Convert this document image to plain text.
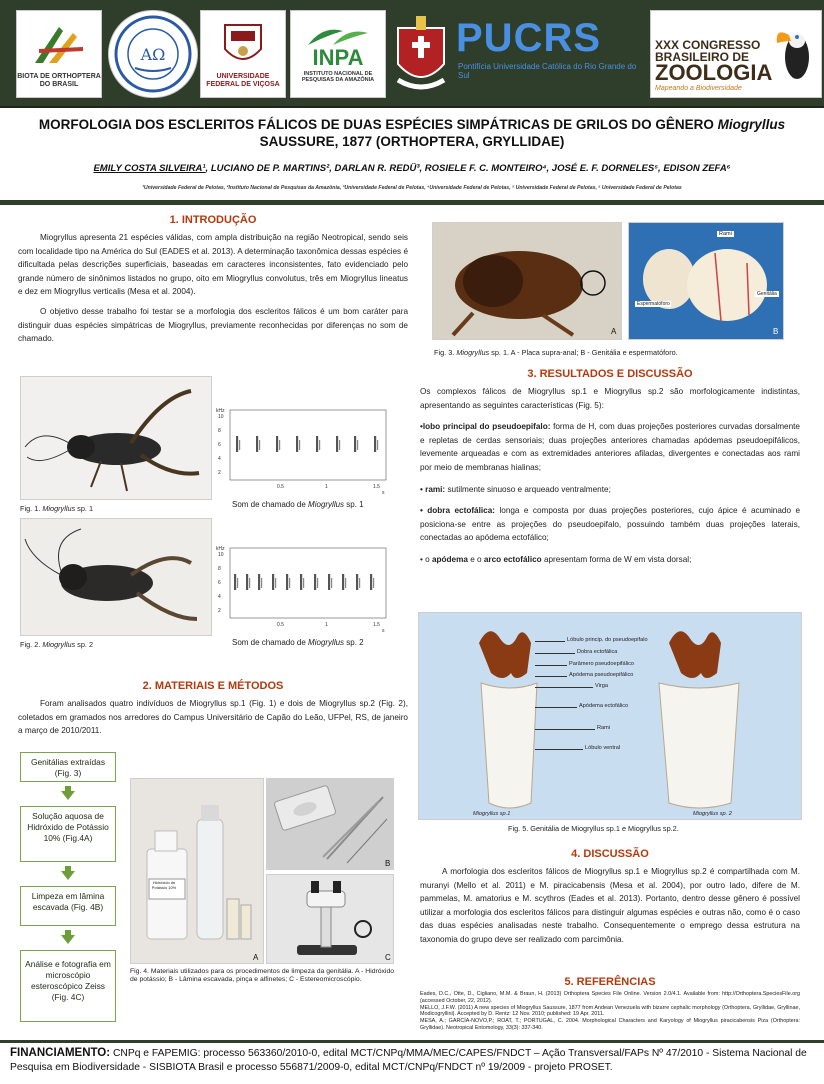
BIOTA DE ORTHOPTERA DO BRASIL
AΩ
UNIVERSIDADE FEDERAL DE VIÇOSA
INPA
INSTITUTO NACIONAL DE PESQUISAS DA AMAZÔNIA
PUCRS
Pontifícia Universidade Católica do Rio Grande do Sul
XXX CONGRESSO
BRASILEIRO DE
ZOOLOGIA
Mapeando a Biodiversidade
MORFOLOGIA DOS ESCLERITOS FÁLICOS DE DUAS ESPÉCIES SIMPÁTRICAS DE GRILOS DO GÊNERO Miogryllus
SAUSSURE, 1877 (ORTHOPTERA, GRYLLIDAE)
EMILY COSTA SILVEIRA¹, LUCIANO DE P. MARTINS², DARLAN R. REDÜ³, ROSIELE F. C. MONTEIRO⁴, JOSÉ E. F. DORNELES⁵, EDISON ZEFA⁶
¹Universidade Federal de Pelotas, ²Instituto Nacional de Pesquisas da Amazônia, ³Universidade Federal de Pelotas, ⁴Universidade Federal de Pelotas, ⁵ Universidade Federal de Pelotas, ⁶ Universidade Federal de Pelotas
1. INTRODUÇÃO

Miogryllus apresenta 21 espécies válidas, com ampla distribuição na região Neotropical, sendo seis com localidade tipo na América do Sul (EADES et al. 2013). A determinação taxonômica dessas espécies é dificultada pelas descrições superficiais, baseadas em caracteres inconsistentes, fato evidenciado pelo grande número de sinônimos listados no grupo, oito em Miogryllus convolutus, três em Miogryllus lineatus e dez em Miogryllus verticalis (Mesa et al. 2004).

O objetivo desse trabalho foi testar se a morfologia dos escleritos fálicos é um bom caráter para distinguir duas espécies simpátricas de Miogryllus, previamente reconhecidas por diferenças no som de chamado.

Fig. 1. Miogryllus sp. 1
kHz
10
8
6
4
2
0.5	1	1.5
s
Som de chamado de Miogryllus sp. 1
Fig. 2. Miogryllus sp. 2
kHz
10
8
6
4
2
0.5	1	1.5
s
Som de chamado de Miogryllus sp. 2
2. MATERIAIS E MÉTODOS

Foram analisados quatro indivíduos de Miogryllus sp.1 (Fig. 1) e dois de Miogryllus sp.2 (Fig. 2), coletados em gramados nos arredores do Campus Universitário de Capão do Leão, UFPel, RS, de janeiro a março de 2010/2011.

Genitálias extraídas (Fig. 3)
Solução aquosa de Hidróxido de Potássio 10% (Fig.4A)
Limpeza em lâmina escavada (Fig. 4B)
Análise e fotografia em microscópio esteroscópico Zeiss (Fig. 4C)
A
Hidróxido de Potássio 10%
B
C
Fig. 4. Materiais utilizados para os procedimentos de limpeza da genitália. A - Hidróxido de potássio; B - Lâmina escavada, pinça e alfinetes; C - Estereomicroscópio.
A
Rami
Espermatóforo
Genitália
B
Fig. 3. Miogryllus sp. 1. A - Placa supra-anal; B - Genitália e espermatóforo.
3. RESULTADOS E DISCUSSÃO

Os complexos fálicos de Miogryllus sp.1 e Miogryllus sp.2 são morfologicamente indistintas, apresentando as seguintes características (Fig. 5):

•lobo principal do pseudoepifalo: forma de H, com duas projeções posteriores curvadas dorsalmente e repletas de cerdas sensoriais; duas projeções anteriores chamadas apódemas pseudoepifálicos, levemente arqueadas e com as extremidades anteriores afiladas, divergentes e conectadas aos rami por meio de membranas hialinas;

• rami: sutilmente sinuoso e arqueado ventralmente;

• dobra ectofálica: longa e composta por duas projeções posteriores, cujo ápice é acuminado e posiciona-se entre as projeções do pseudoepifalo, possuindo também duas projeções laterais, conectadas ao apódema ectofálico;

• o apódema e o arco ectofálico apresentam forma de W em vista dorsal;

Lóbulo princip. do pseudoepifalo
Dobra ectofálica
Parâmero pseudoepifálico
Apódema pseudoepifálico
Virga
Apódema ectofálico
Rami
Lóbulo ventral
Miogryllus sp.1	Miogryllus sp. 2
Fig. 5. Genitália de Miogryllus sp.1 e Miogryllus sp.2.
4. DISCUSSÃO

A morfologia dos escleritos fálicos de Miogryllus sp.1 e Miogryllus sp.2 é compartilhada com M. muranyi (Mello et al. 2011) e M. piracicabensis (Mesa et al. 2004), por outro lado, difere de M. pammelas, M. amatorius e M. scythros (Eades et al. 2013). Portanto, dentro desse gênero é possível utilizar a morfologia dos escleritos fálicos para distinguir algumas espécies e outras não, como é o caso das duas espécies analisadas neste trabalho. Consequentemente o emprego dessa estrutura na taxonomia do grupo deve ser realizado com parcimônia.

5. REFERÊNCIAS

Eades, D.C., Otte, D., Cigliano, M.M. & Braun, H. (2013) Orthoptera Species File Online. Version 2.0/4.1. Available from: http://Orthoptera.SpeciesFile.org (accessed October, 22, 2012).

MELLO, J.F.W. (2011) A new species of Miogryllus Saussure, 1877 from Andean Venezuela with bizarre cephalic morphology (Orthoptera, Gryllidae, Gryllinae, Modicogryllini). Accepted by D. Rentz: 12 Nov. 2010; published: 19 Apr. 2011.

MESA, A.; GARCÍA-NOVO,P.; ROAT, T.; PORTUGAL, C. 2004. Morphological Characters and Karyology of Miogryllus piracicabensis Piza (Orthoptera: Gryllidae). Neotropical Entomology, 33(3): 337-340.

FINANCIAMENTO: CNPq e FAPEMIG: processo 563360/2010-0, edital MCT/CNPq/MMA/MEC/CAPES/FNDCT – Ação Transversal/FAPs Nº 47/2010 - Sistema Nacional de Pesquisa em Biodiversidade - SISBIOTA Brasil e processo 556871/2009-0, edital MCT/CNPq/FNDCT nº 19/2009 - projeto PROSET.
